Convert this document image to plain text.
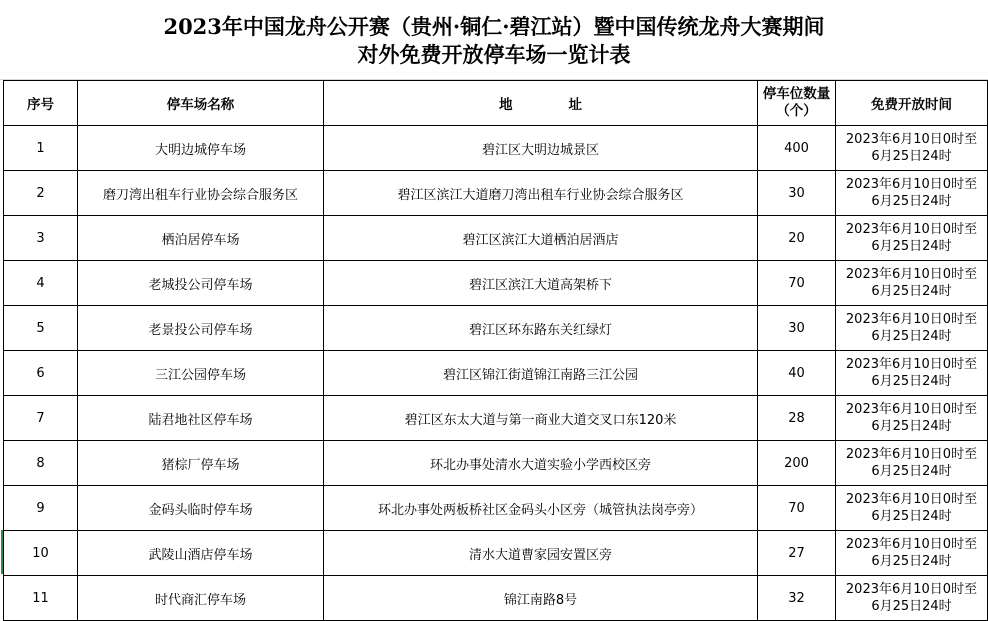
2023年中国龙舟公开赛（贵州·铜仁·碧江站）暨中国传统龙舟大赛期间
对外免费开放停车场一览计表
序号	停车场名称	地 址	停车位数量
（个）	免费开放时间
1	大明边城停车场	碧江区大明边城景区	400	2023年6月10日0时至
6月25日24时

2	磨刀湾出租车行业协会综合服务区	碧江区滨江大道磨刀湾出租车行业协会综合服务区	30	2023年6月10日0时至
6月25日24时

3	栖泊居停车场	碧江区滨江大道栖泊居酒店	20	2023年6月10日0时至
6月25日24时

4	老城投公司停车场	碧江区滨江大道高架桥下	70	2023年6月10日0时至
6月25日24时

5	老景投公司停车场	碧江区环东路东关红绿灯	30	2023年6月10日0时至
6月25日24时

6	三江公园停车场	碧江区锦江街道锦江南路三江公园	40	2023年6月10日0时至
6月25日24时

7	陆君地社区停车场	碧江区东太大道与第一商业大道交叉口东120米	28	2023年6月10日0时至
6月25日24时

8	猪棕厂停车场	环北办事处清水大道实验小学西校区旁	200	2023年6月10日0时至
6月25日24时

9	金码头临时停车场	环北办事处两板桥社区金码头小区旁（城管执法岗亭旁）	70	2023年6月10日0时至
6月25日24时

10	武陵山酒店停车场	清水大道曹家园安置区旁	27	2023年6月10日0时至
6月25日24时

11	时代商汇停车场	锦江南路8号	32	2023年6月10日0时至
6月25日24时
